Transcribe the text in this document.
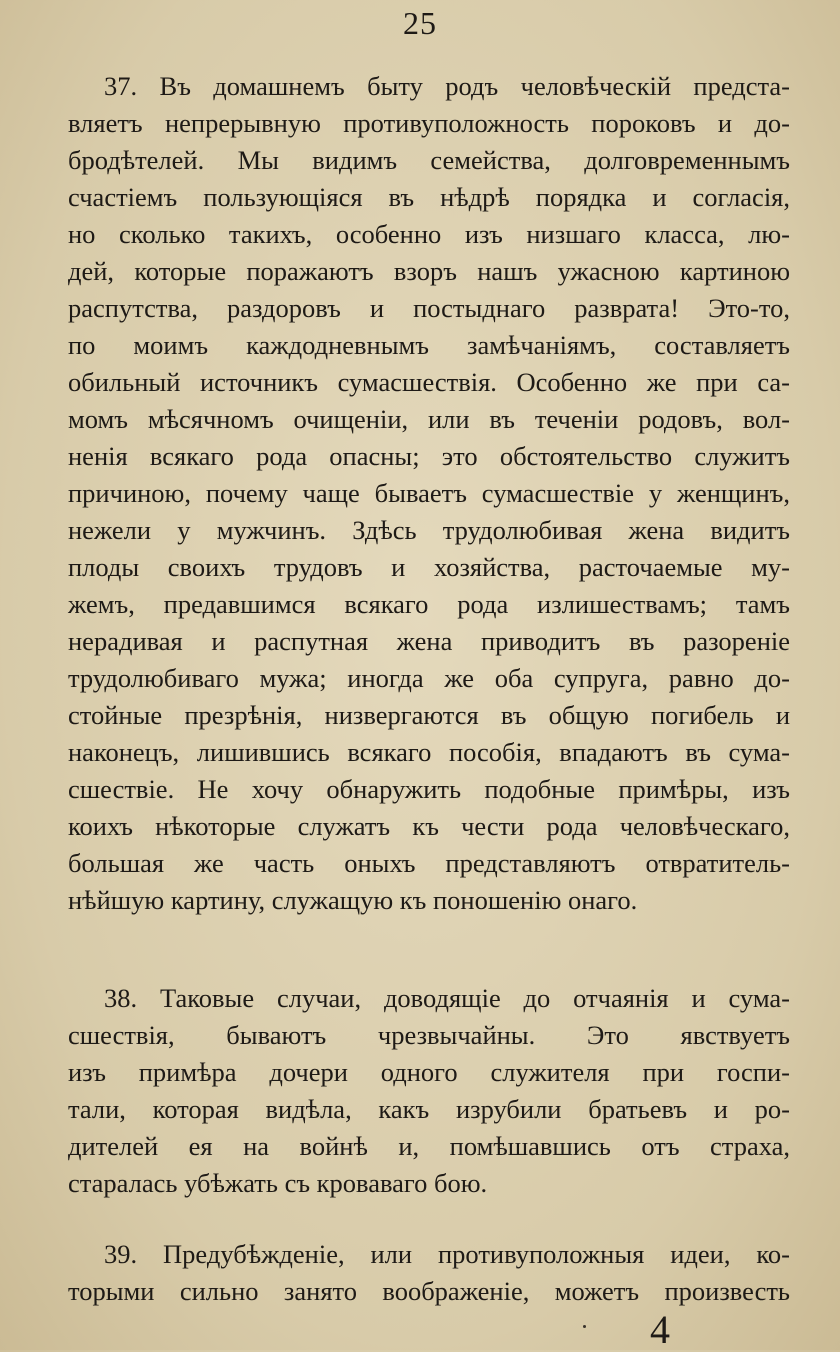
25
37. Въ домашнемъ быту родъ человѣческій предста-
вляетъ непрерывную противуположность пороковъ и до-
бродѣтелей. Мы видимъ семейства, долговременнымъ
счастіемъ пользующіяся въ нѣдрѣ порядка и согласія,
но сколько такихъ, особенно изъ низшаго класса, лю-
дей, которые поражаютъ взоръ нашъ ужасною картиною
распутства, раздоровъ и постыднаго разврата! Это-то,
по моимъ каждодневнымъ замѣчаніямъ, составляетъ
обильный источникъ сумасшествія. Особенно же при са-
момъ мѣсячномъ очищеніи, или въ теченіи родовъ, вол-
ненія всякаго рода опасны; это обстоятельство служитъ
причиною, почему чаще бываетъ сумасшествіе у женщинъ,
нежели у мужчинъ. Здѣсь трудолюбивая жена видитъ
плоды своихъ трудовъ и хозяйства, расточаемые му-
жемъ, предавшимся всякаго рода излишествамъ; тамъ
нерадивая и распутная жена приводитъ въ разореніе
трудолюбиваго мужа; иногда же оба супруга, равно до-
стойные презрѣнія, низвергаются въ общую погибель и
наконецъ, лишившись всякаго пособія, впадаютъ въ сума-
сшествіе. Не хочу обнаружить подобные примѣры, изъ
коихъ нѣкоторые служатъ къ чести рода человѣческаго,
большая же часть оныхъ представляютъ отвратитель-
нѣйшую картину, служащую къ поношенію онаго.
38. Таковые случаи, доводящіе до отчаянія и сума-
сшествія, бываютъ чрезвычайны. Это явствуетъ
изъ примѣра дочери одного служителя при госпи-
тали, которая видѣла, какъ изрубили братьевъ и ро-
дителей ея на войнѣ и, помѣшавшись отъ страха,
старалась убѣжать съ кроваваго бою.
39. Предубѣжденіе, или противуположныя идеи, ко-
торыми сильно занято воображеніе, можетъ произвесть
4
